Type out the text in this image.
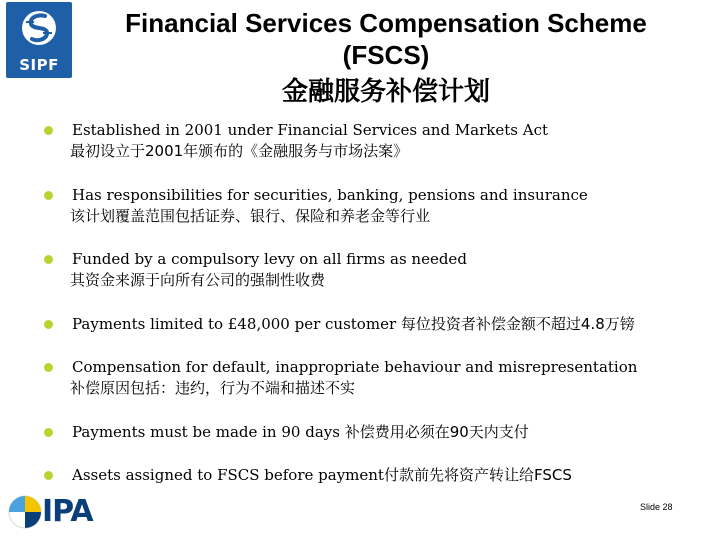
SIPF
Financial Services Compensation Scheme
(FSCS)
金融服务补偿计划
Established in 2001 under Financial Services and Markets Act
最初设立于2001年颁布的《金融服务与市场法案》
Has responsibilities for securities, banking, pensions and insurance
该计划覆盖范围包括证券、银行、保险和养老金等行业
Funded by a compulsory levy on all firms as needed
其资金来源于向所有公司的强制性收费
Payments limited to £48,000 per customer 每位投资者补偿金额不超过4.8万镑
Compensation for default, inappropriate behaviour and misrepresentation
补偿原因包括：违约，行为不端和描述不实
Payments must be made in 90 days 补偿费用必须在90天内支付
Assets assigned to FSCS before payment付款前先将资产转让给FSCS
IPA	Slide 28
